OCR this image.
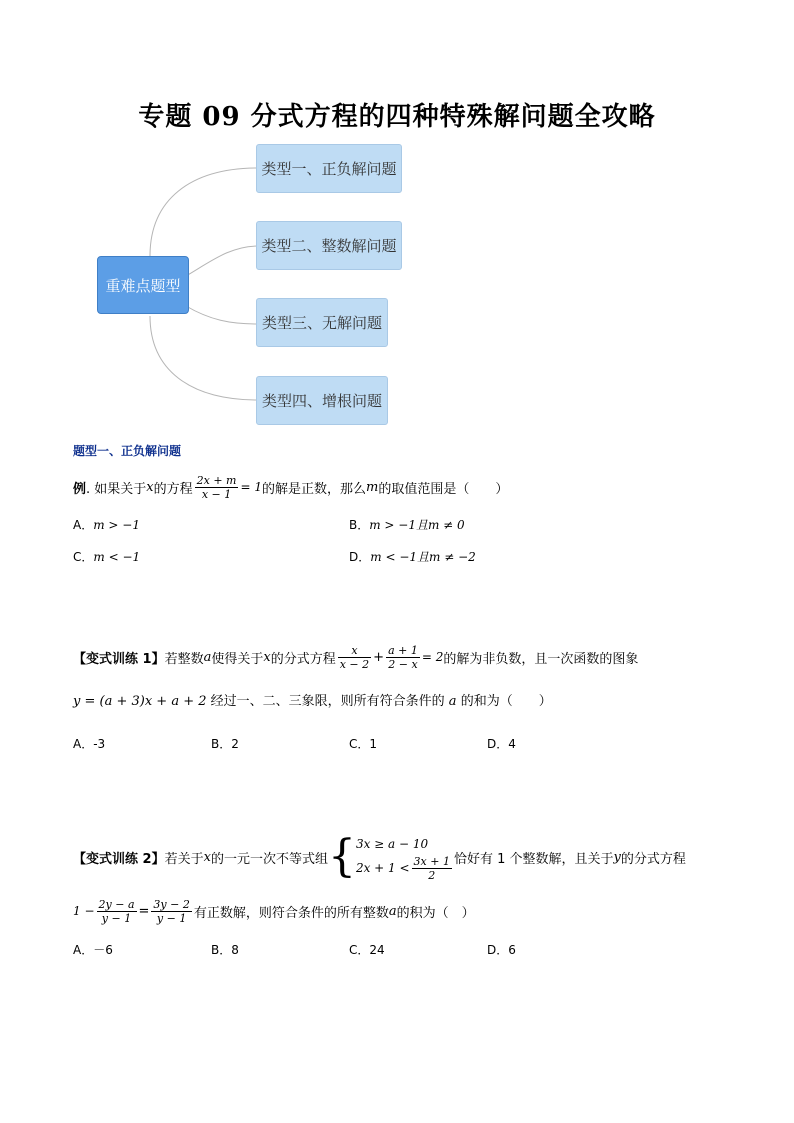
专题 09 分式方程的四种特殊解问题全攻略
重难点题型
类型一、正负解问题
类型二、整数解问题
类型三、无解问题
类型四、增根问题
题型一、正负解问题
例 . 如果关于 x 的方程 $\frac{2x + m}{x - 1} = 1$ 的解是正数，那么 m 的取值范围是（　　）
A．m > −1	B．m > −1且m ≠ 0
C．m < −1	D．m < −1且m ≠ −2
【变式训练 1】 若整数 a 使得关于 x 的分式方程 $\frac{x}{x - 2} + \frac{a + 1}{2 - x} = 2$ 的解为非负数，且一次函数的图象
y = (a + 3)x + a + 2 经过一、二、三象限，则所有符合条件的 a 的和为（　　）
A．-3	B．2	C．1	D．4
【变式训练 2】 若关于 x 的一元一次不等式组 { 3x ≥ a − 10
$2x + 1 < \frac{3x + 1}{2}$ 恰好有 1 个整数解，且关于 y 的分式方程
$1 - \frac{2y - a}{y - 1} = \frac{3y - 2}{y - 1}$ 有正数解，则符合条件的所有整数 a 的积为（　）
A．－6	B．8	C．24	D．6
